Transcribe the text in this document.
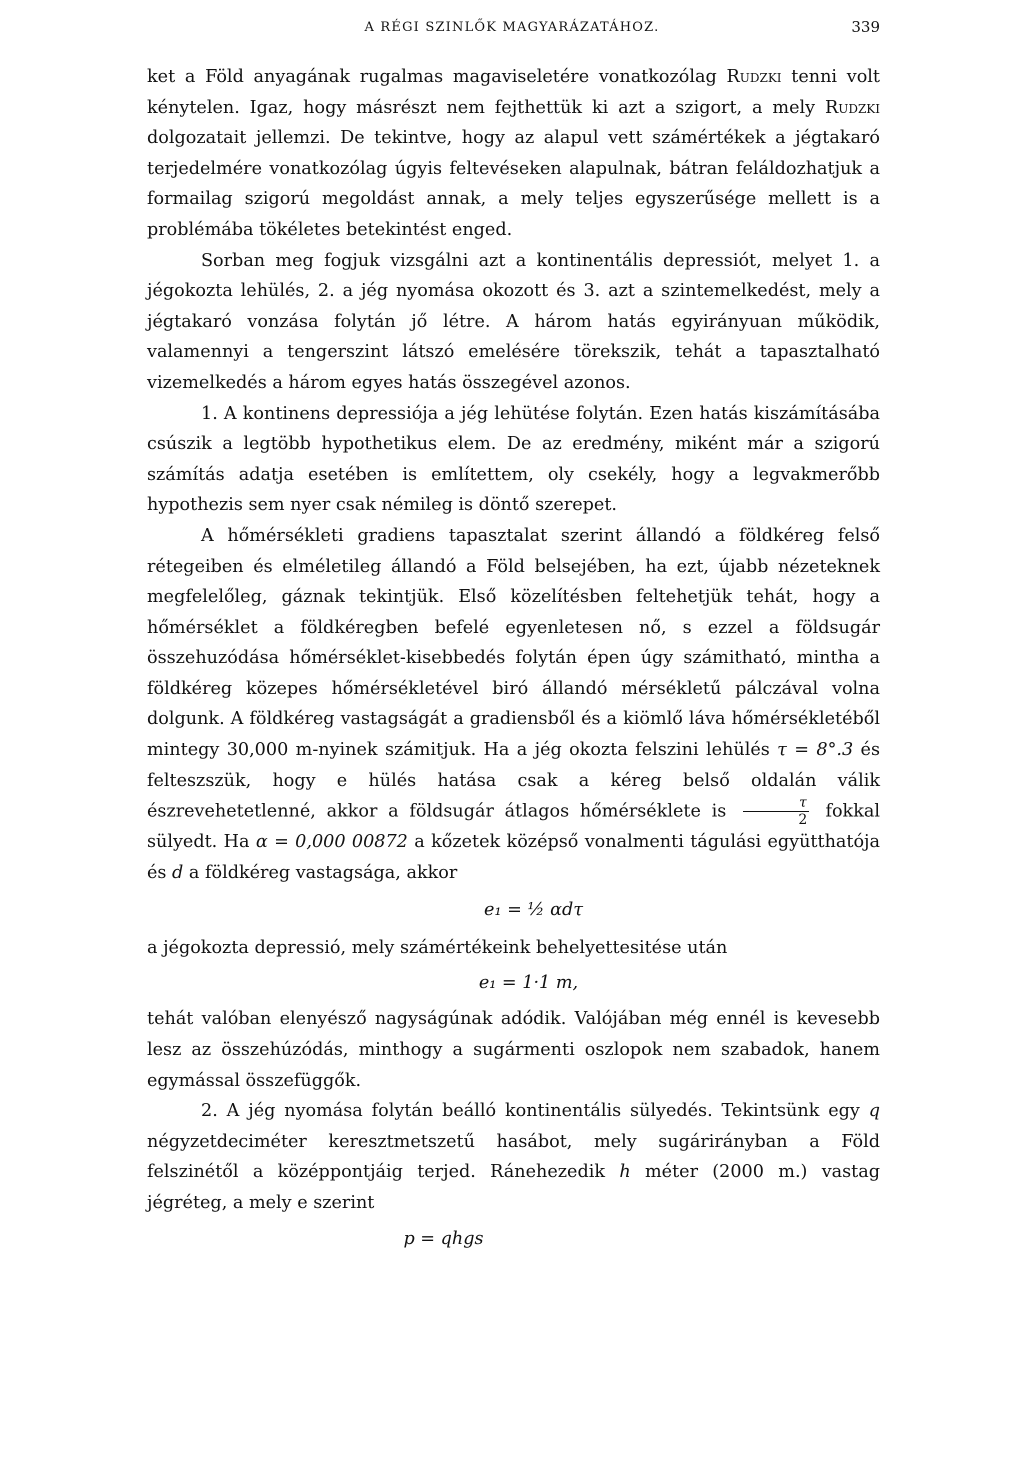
A RÉGI SZINLŐK MAGYARÁZATÁHOZ.	339

ket a Föld anyagának rugalmas magaviseletére vonatkozólag Rudzki tenni volt kénytelen. Igaz, hogy másrészt nem fejthettük ki azt a szigort, a mely Rudzki dolgozatait jellemzi. De tekintve, hogy az alapul vett számértékek a jégtakaró terjedelmére vonatkozólag úgyis feltevéseken alapulnak, bátran feláldozhatjuk a formailag szigorú megoldást annak, a mely teljes egyszerűsége mellett is a problémába tökéletes betekintést enged.

Sorban meg fogjuk vizsgálni azt a kontinentális depressiót, melyet 1. a jégokozta lehülés, 2. a jég nyomása okozott és 3. azt a szintemelkedést, mely a jégtakaró vonzása folytán jő létre. A három hatás egyirányuan működik, valamennyi a tengerszint látszó emelésére törekszik, tehát a tapasztalható vizemelkedés a három egyes hatás összegével azonos.

1. A kontinens depressiója a jég lehütése folytán. Ezen hatás kiszámításába csúszik a legtöbb hypothetikus elem. De az eredmény, miként már a szigorú számítás adatja esetében is említettem, oly csekély, hogy a legvakmerőbb hypothezis sem nyer csak némileg is döntő szerepet.

A hőmérsékleti gradiens tapasztalat szerint állandó a földkéreg felső rétegeiben és elméletileg állandó a Föld belsejében, ha ezt, újabb nézeteknek megfelelőleg, gáznak tekintjük. Első közelítésben feltehetjük tehát, hogy a hőmérséklet a földkéregben befelé egyenletesen nő, s ezzel a földsugár összehuzódása hőmérséklet-kisebbedés folytán épen úgy számitható, mintha a földkéreg közepes hőmérsékletével biró állandó mérsékletű pálczával volna dolgunk. A földkéreg vastagságát a gradiensből és a kiömlő láva hőmérsékletéből mintegy 30,000 m-nyinek számitjuk. Ha a jég okozta felszini lehülés τ = 8°.3 és felteszszük, hogy e hülés hatása csak a kéreg belső oldalán válik észrevehetetlenné, akkor a földsugár átlagos hőmérséklete is $\frac{\tau}{2}$ fokkal sülyedt. Ha α = 0,000 00872 a kőzetek középső vonalmenti tágulási együtthatója és d a földkéreg vastagsága, akkor

e₁ = ½ αdτ

a jégokozta depressió, mely számértékeink behelyettesitése után

e₁ = 1·1 m,

tehát valóban elenyésző nagyságúnak adódik. Valójában még ennél is kevesebb lesz az összehúzódás, minthogy a sugármenti oszlopok nem szabadok, hanem egymással összefüggők.

2. A jég nyomása folytán beálló kontinentális sülyedés. Tekintsünk egy q négyzetdeciméter keresztmetszetű hasábot, mely sugárirányban a Föld felszinétől a középpontjáig terjed. Ránehezedik h méter (2000 m.) vastag jégréteg, a mely e szerint

p = qhgs
